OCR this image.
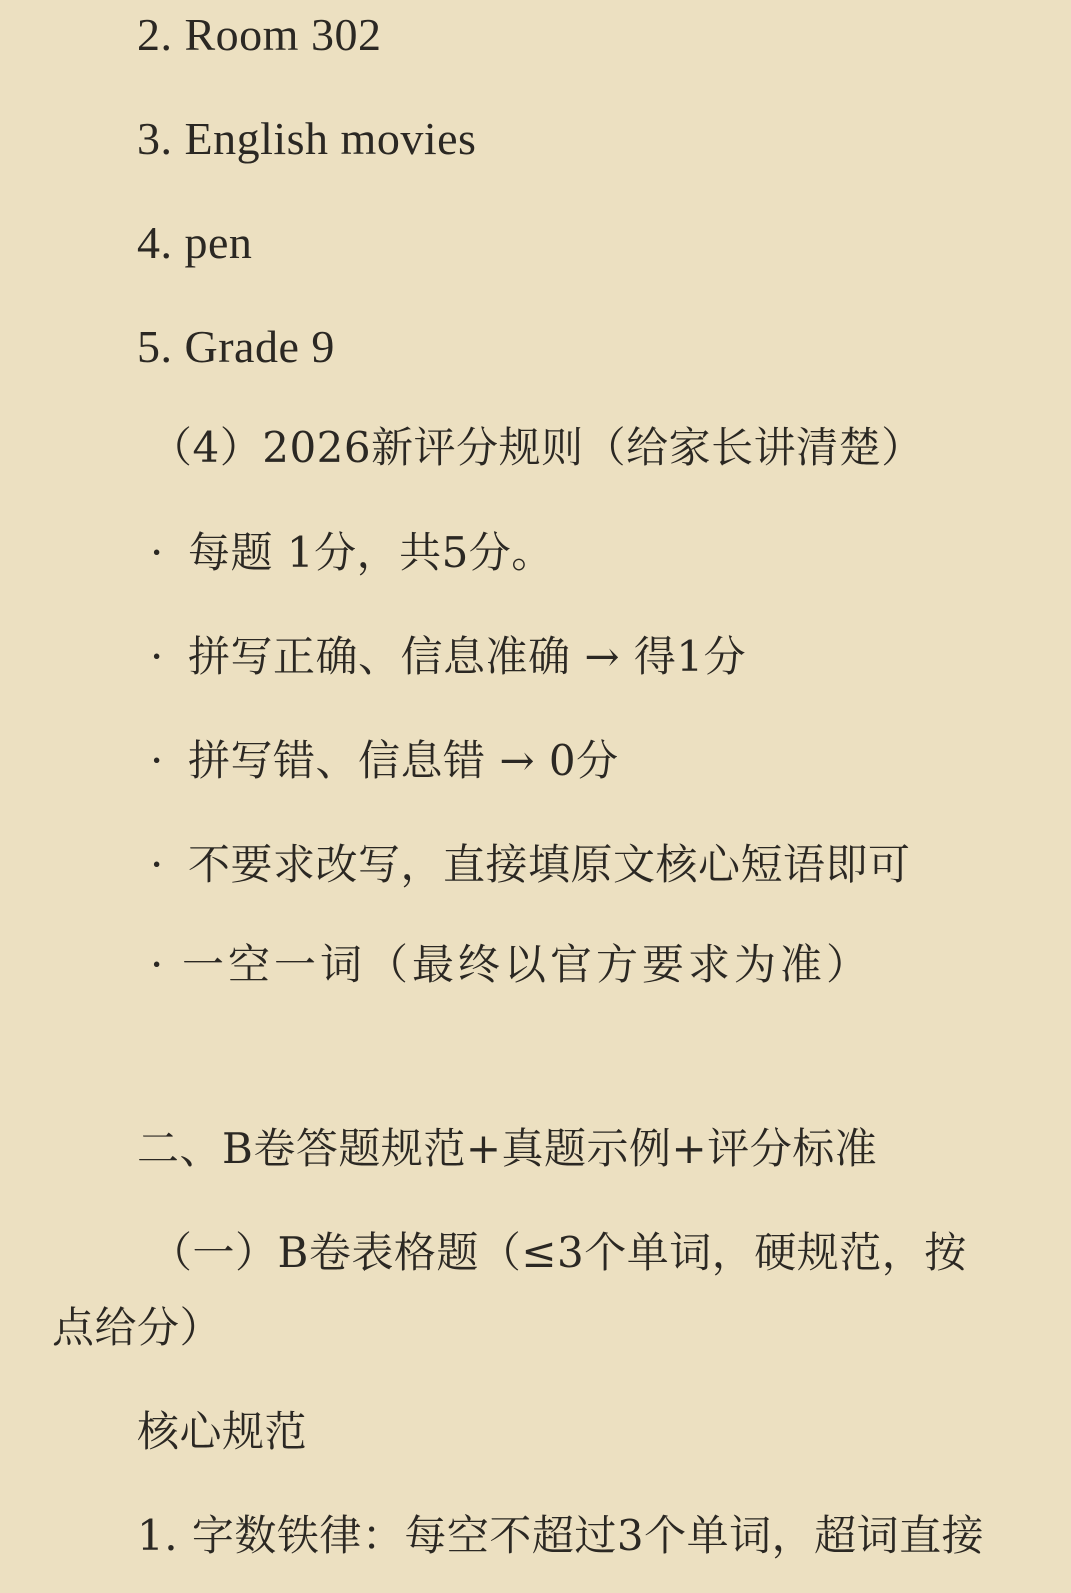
2. Room 302
3. English movies
4. pen
5. Grade 9
（4）2026新评分规则（给家长讲清楚）
· 每题 1分，共5分。
· 拼写正确、信息准确 → 得1分
· 拼写错、信息错 → 0分
· 不要求改写，直接填原文核心短语即可
· 一空一词（最终以官方要求为准）
二、B卷答题规范+真题示例+评分标准
（一）B卷表格题（≤3个单词，硬规范，按
点给分）
核心规范
1. 字数铁律：每空不超过3个单词，超词直接
